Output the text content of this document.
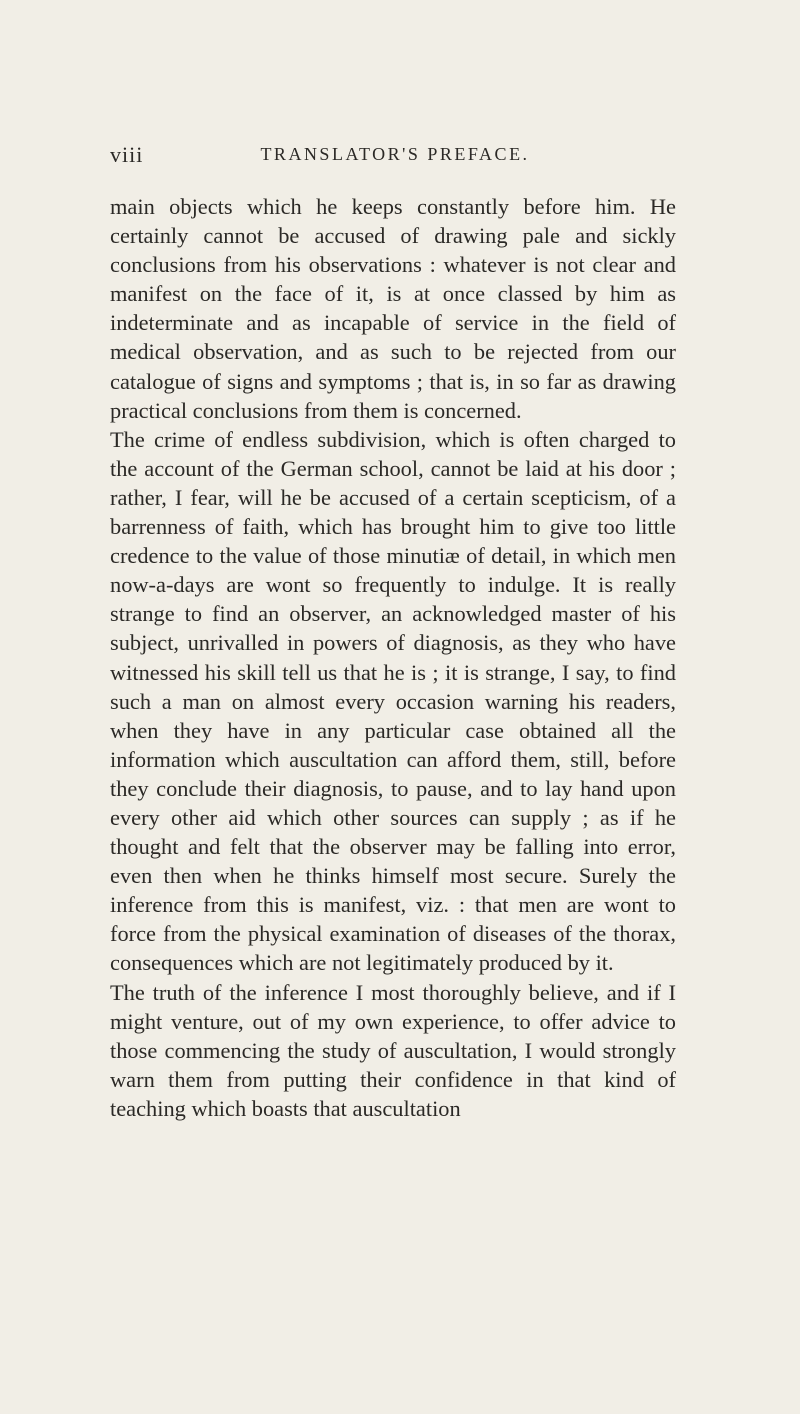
viii	TRANSLATOR'S PREFACE.

main objects which he keeps constantly before him. He certainly cannot be accused of drawing pale and sickly conclusions from his observations : whatever is not clear and manifest on the face of it, is at once classed by him as indeterminate and as incapable of service in the field of medical observation, and as such to be rejected from our catalogue of signs and symptoms ; that is, in so far as drawing practical conclusions from them is concerned.

The crime of endless subdivision, which is often charged to the account of the German school, cannot be laid at his door ; rather, I fear, will he be accused of a certain scepticism, of a barrenness of faith, which has brought him to give too little credence to the value of those minutiæ of detail, in which men now-a-days are wont so frequently to indulge. It is really strange to find an observer, an acknowledged master of his subject, unrivalled in powers of diagnosis, as they who have witnessed his skill tell us that he is ; it is strange, I say, to find such a man on almost every occasion warning his readers, when they have in any particular case obtained all the information which auscultation can afford them, still, before they conclude their diagnosis, to pause, and to lay hand upon every other aid which other sources can supply ; as if he thought and felt that the observer may be falling into error, even then when he thinks himself most secure. Surely the inference from this is manifest, viz. : that men are wont to force from the physical examination of diseases of the thorax, consequences which are not legitimately produced by it.

The truth of the inference I most thoroughly believe, and if I might venture, out of my own experience, to offer advice to those commencing the study of auscultation, I would strongly warn them from putting their confidence in that kind of teaching which boasts that auscultation
